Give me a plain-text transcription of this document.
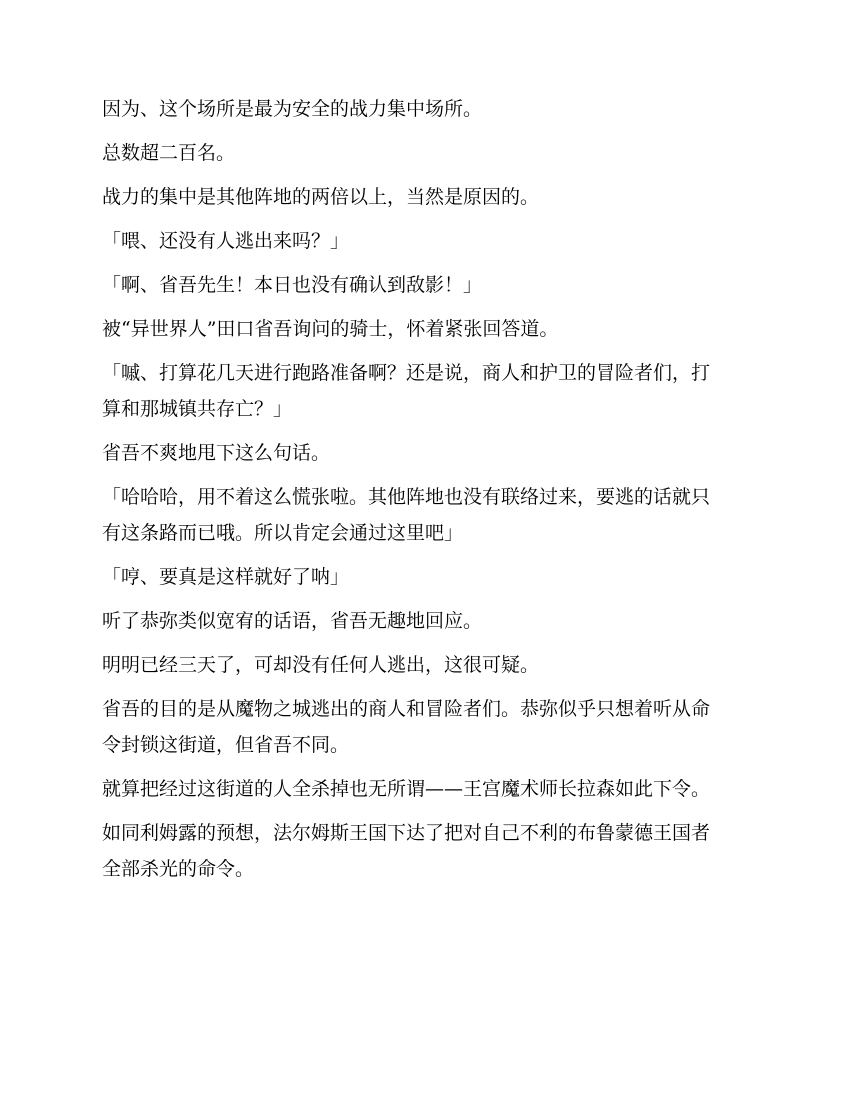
因为、这个场所是最为安全的战力集中场所。

总数超二百名。

战力的集中是其他阵地的两倍以上，当然是原因的。

「喂、还没有人逃出来吗？」

「啊、省吾先生！本日也没有确认到敌影！」

被“异世界人”田口省吾询问的骑士，怀着紧张回答道。

「嘁、打算花几天进行跑路准备啊？还是说，商人和护卫的冒险者们，打算和那城镇共存亡？」

省吾不爽地甩下这么句话。

「哈哈哈，用不着这么慌张啦。其他阵地也没有联络过来，要逃的话就只有这条路而已哦。所以肯定会通过这里吧」

「哼、要真是这样就好了呐」

听了恭弥类似宽宥的话语，省吾无趣地回应。

明明已经三天了，可却没有任何人逃出，这很可疑。

省吾的目的是从魔物之城逃出的商人和冒险者们。恭弥似乎只想着听从命令封锁这街道，但省吾不同。

就算把经过这街道的人全杀掉也无所谓——王宫魔术师长拉森如此下令。

如同利姆露的预想，法尔姆斯王国下达了把对自己不利的布鲁蒙德王国者全部杀光的命令。
